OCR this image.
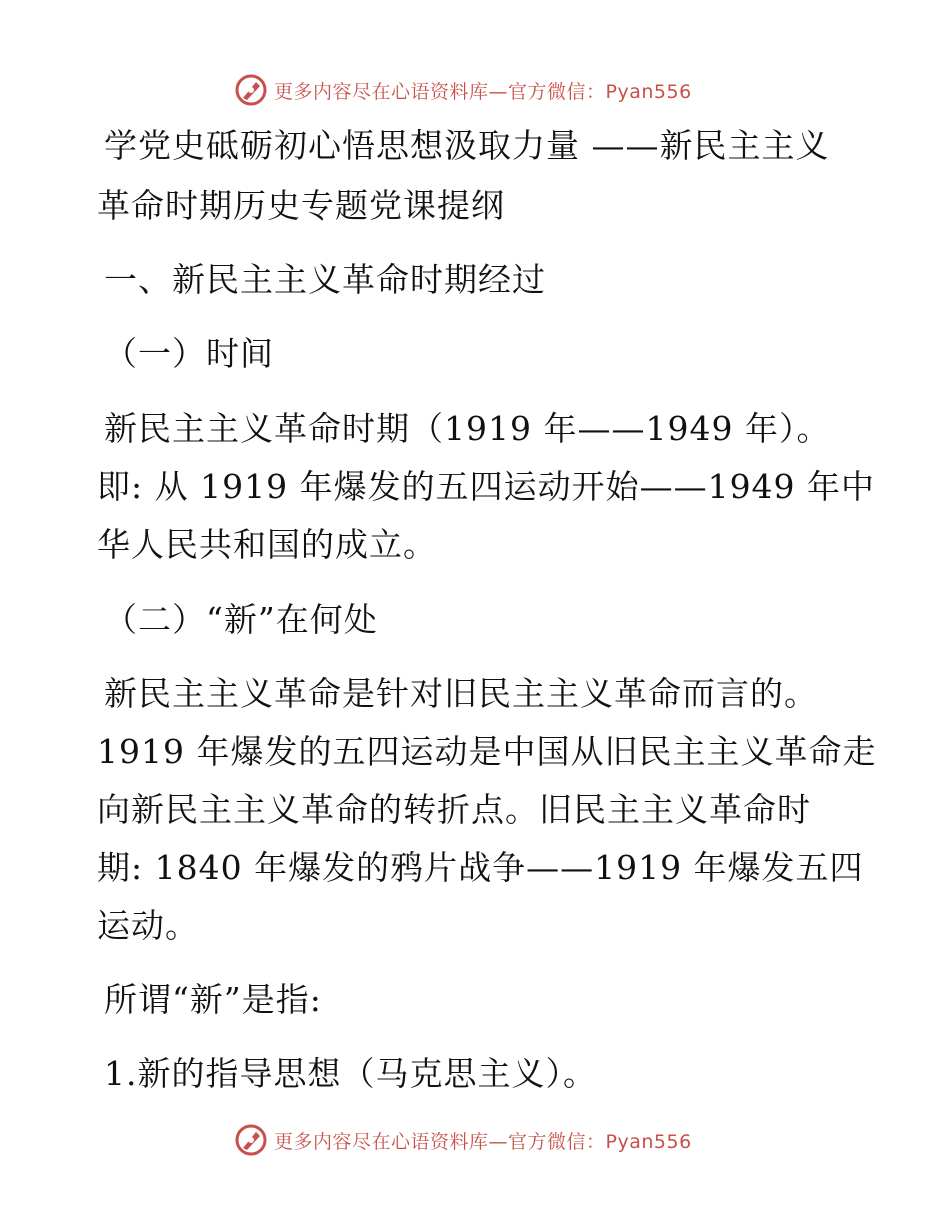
更多内容尽在心语资料库—官方微信：Pyan556
学党史砥砺初心悟思想汲取力量 ——新民主主义
革命时期历史专题党课提纲
一、新民主主义革命时期经过
（一）时间
新民主主义革命时期（1919 年——1949 年）。
即: 从 1919 年爆发的五四运动开始——1949 年中
华人民共和国的成立。
（二）“新”在何处
新民主主义革命是针对旧民主主义革命而言的。
1919 年爆发的五四运动是中国从旧民主主义革命走
向新民主主义革命的转折点。旧民主主义革命时
期: 1840 年爆发的鸦片战争——1919 年爆发五四
运动。
所谓“新”是指:
1.新的指导思想（马克思主义）。
更多内容尽在心语资料库—官方微信：Pyan556
